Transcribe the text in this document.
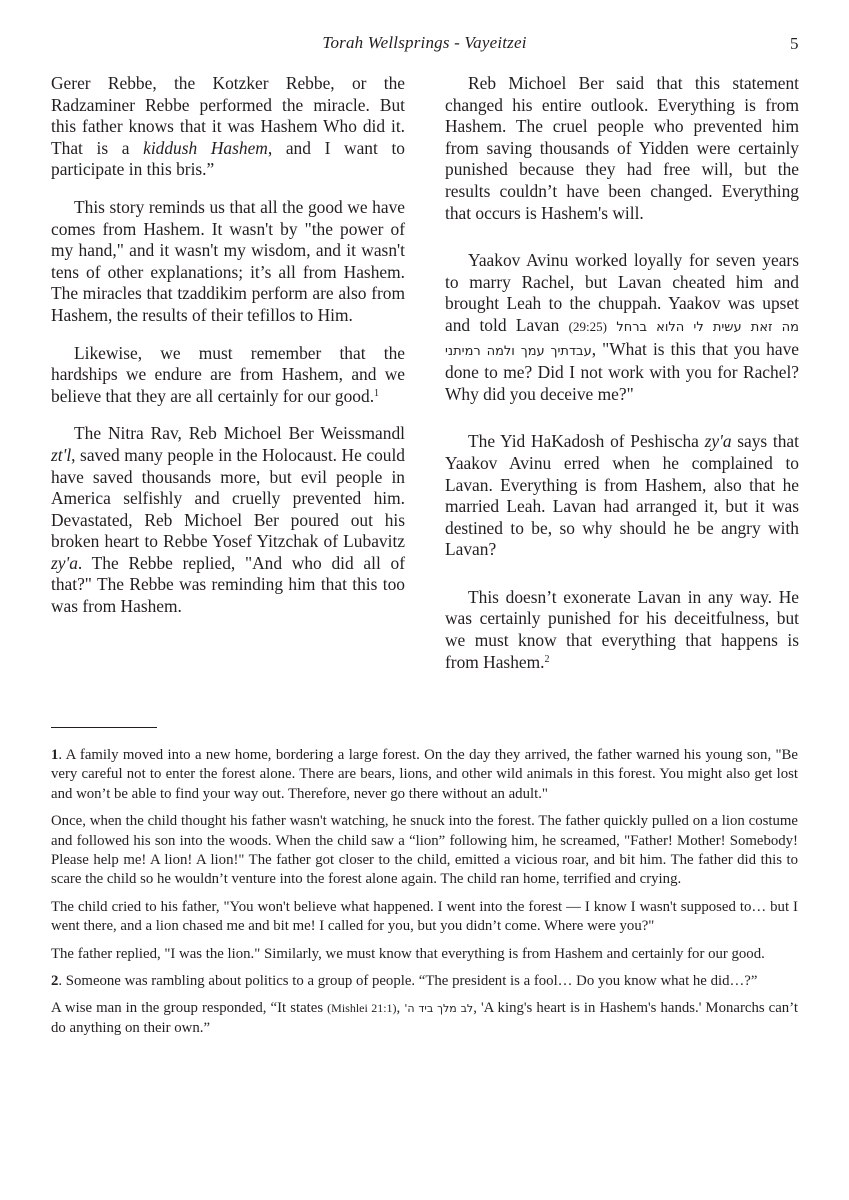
Torah Wellsprings - Vayeitzei	5

Gerer Rebbe, the Kotzker Rebbe, or the Radzaminer Rebbe performed the miracle. But this father knows that it was Hashem Who did it. That is a kiddush Hashem, and I want to participate in this bris.”

This story reminds us that all the good we have comes from Hashem. It wasn't by "the power of my hand," and it wasn't my wisdom, and it wasn't tens of other explanations; it’s all from Hashem. The miracles that tzaddikim perform are also from Hashem, the results of their tefillos to Him.

Likewise, we must remember that the hardships we endure are from Hashem, and we believe that they are all certainly for our good.$^1$

The Nitra Rav, Reb Michoel Ber Weissmandl zt'l, saved many people in the Holocaust. He could have saved thousands more, but evil people in America selfishly and cruelly prevented him. Devastated, Reb Michoel Ber poured out his broken heart to Rebbe Yosef Yitzchak of Lubavitz zy'a. The Rebbe replied, "And who did all of that?" The Rebbe was reminding him that this too was from Hashem.

Reb Michoel Ber said that this statement changed his entire outlook. Everything is from Hashem. The cruel people who prevented him from saving thousands of Yidden were certainly punished because they had free will, but the results couldn’t have been changed. Everything that occurs is Hashem's will.

Yaakov Avinu worked loyally for seven years to marry Rachel, but Lavan cheated him and brought Leah to the chuppah. Yaakov was upset and told Lavan (29:25) מה זאת עשית לי הלוא ברחל עבדתיך עמך ולמה רמיתני, "What is this that you have done to me? Did I not work with you for Rachel? Why did you deceive me?"

The Yid HaKadosh of Peshischa zy'a says that Yaakov Avinu erred when he complained to Lavan. Everything is from Hashem, also that he married Leah. Lavan had arranged it, but it was destined to be, so why should he be angry with Lavan?

This doesn’t exonerate Lavan in any way. He was certainly punished for his deceitfulness, but we must know that everything that happens is from Hashem.$^2$

1. A family moved into a new home, bordering a large forest. On the day they arrived, the father warned his young son, "Be very careful not to enter the forest alone. There are bears, lions, and other wild animals in this forest. You might also get lost and won’t be able to find your way out. Therefore, never go there without an adult."

Once, when the child thought his father wasn't watching, he snuck into the forest. The father quickly pulled on a lion costume and followed his son into the woods. When the child saw a “lion” following him, he screamed, "Father! Mother! Somebody! Please help me! A lion! A lion!" The father got closer to the child, emitted a vicious roar, and bit him. The father did this to scare the child so he wouldn’t venture into the forest alone again. The child ran home, terrified and crying.

The child cried to his father, "You won't believe what happened. I went into the forest — I know I wasn't supposed to… but I went there, and a lion chased me and bit me! I called for you, but you didn’t come. Where were you?"

The father replied, "I was the lion." Similarly, we must know that everything is from Hashem and certainly for our good.

2. Someone was rambling about politics to a group of people. “The president is a fool… Do you know what he did…?”

A wise man in the group responded, “It states (Mishlei 21:1), לב מלך ביד ה', 'A king's heart is in Hashem's hands.' Monarchs can’t do anything on their own.”
